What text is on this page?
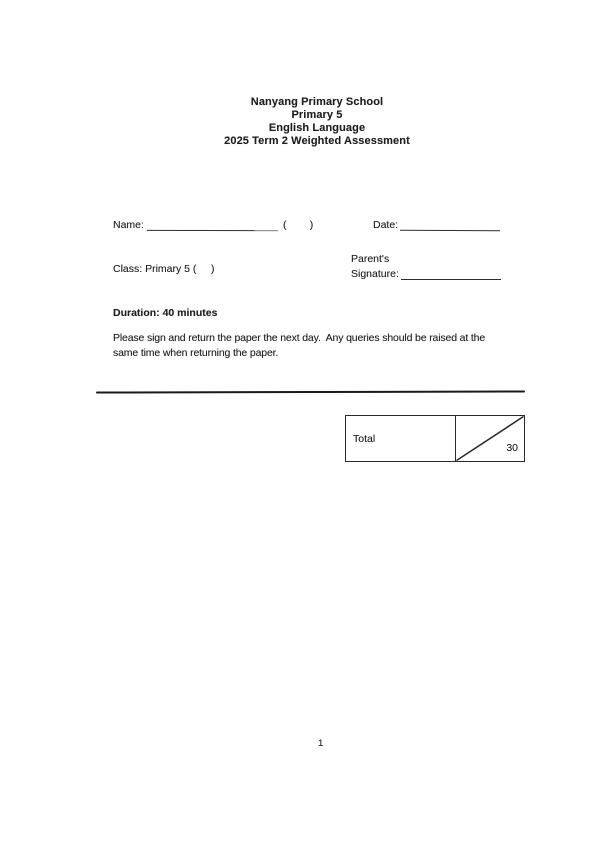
Nanyang Primary School
Primary 5
English Language
2025 Term 2 Weighted Assessment
Name:	(        )	Date:
Class: Primary 5 (     )
Parent's
Signature:
Duration: 40 minutes
Please sign and return the paper the next day.  Any queries should be raised at the
same time when returning the paper.
Total
30
1
